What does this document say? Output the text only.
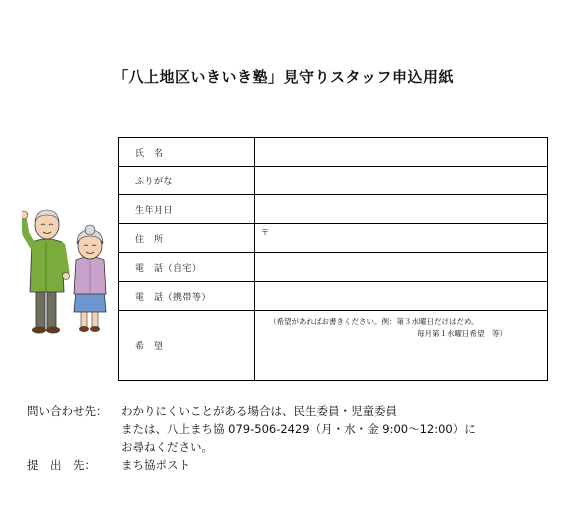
「八上地区いきいき塾」見守りスタッフ申込用紙
氏　名	
ふりがな	
生年月日	
住　所	〒

電　話（自宅）	
電　話（携帯等）	
希　望	（希望があればお書きください。例：第３水曜日だけはだめ。
毎月第１水曜日希望　等）
問い合わせ先：	わかりにくいことがある場合は、民生委員・児童委員
または、八上まち協 079-506-2429（月・水・金 9:00～12:00）に
お尋ねください。
提　出　先：	まち協ポスト
